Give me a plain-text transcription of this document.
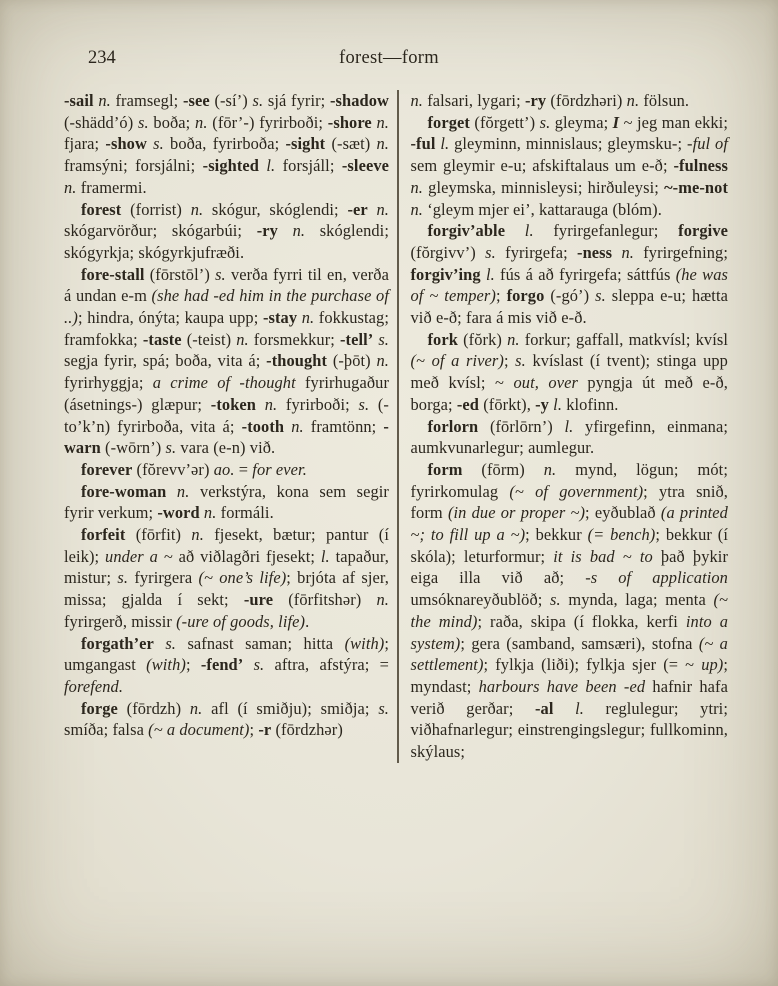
234	forest—form

-sail n. framsegl; -see (-sí’) s. sjá fyrir; -shadow (-shädd’ó) s. boða; n. (fōr’-) fyrirboði; -shore n. fjara; -show s. boða, fyrirboða; -sight (-sæt) n. framsýni; forsjálni; -sighted l. forsjáll; -sleeve n. framermi.

forest (forrist) n. skógur, skóglendi; -er n. skógarvörður; skógarbúi; -ry n. skóglendi; skógyrkja; skógyrkjufræði.

fore-stall (fōrstōl’) s. verða fyrri til en, verða á undan e-m (she had -ed him in the purchase of ..); hindra, ónýta; kaupa upp; -stay n. fokkustag; framfokka; -taste (-teist) n. forsmekkur; -tell’ s. segja fyrir, spá; boða, vita á; -thought (-þōt) n. fyrirhyggja; a crime of -thought fyrirhugaður (ásetnings-) glæpur; -token n. fyrirboði; s. (-to’k’n) fyrirboða, vita á; -tooth n. framtönn; -warn (-wōrn’) s. vara (e-n) við.

forever (fŏrevv’ər) ao. = for ever.

fore-woman n. verkstýra, kona sem segir fyrir verkum; -word n. formáli.

forfeit (fōrfit) n. fjesekt, bætur; pantur (í leik); under a ~ að viðlagðri fjesekt; l. tapaður, mistur; s. fyrirgera (~ one’s life); brjóta af sjer, missa; gjalda í sekt; -ure (fōrfitshər) n. fyrirgerð, missir (-ure of goods, life).

forgath’er s. safnast saman; hitta (with); umgangast (with); -fend’ s. aftra, afstýra; = forefend.

forge (fōrdzh) n. afl (í smiðju); smiðja; s. smíða; falsa (~ a document); -r (fōrdzhər)

n. falsari, lygari; -ry (fōrdzhəri) n. fölsun.

forget (fŏrgett’) s. gleyma; I ~ jeg man ekki; -ful l. gleyminn, minnislaus; gleymsku-; -ful of sem gleymir e-u; afskiftalaus um e-ð; -fulness n. gleymska, minnisleysi; hirðuleysi; ~-me-not n. ‘gleym mjer ei’, kattarauga (blóm).

forgiv’able l. fyrirgefanlegur; forgive (fŏrgivv’) s. fyrirgefa; -ness n. fyrirgefning; forgiv’ing l. fús á að fyrirgefa; sáttfús (he was of ~ temper); forgo (-gó’) s. sleppa e-u; hætta við e-ð; fara á mis við e-ð.

fork (fŏrk) n. forkur; gaffall, matkvísl; kvísl (~ of a river); s. kvíslast (í tvent); stinga upp með kvísl; ~ out, over pyngja út með e-ð, borga; -ed (fōrkt), -y l. klofinn.

forlorn (fōrlōrn’) l. yfirgefinn, einmana; aumkvunarlegur; aumlegur.

form (fōrm) n. mynd, lögun; mót; fyrirkomulag (~ of government); ytra snið, form (in due or proper ~); eyðublað (a printed ~; to fill up a ~); bekkur (= bench); bekkur (í skóla); leturformur; it is bad ~ to það þykir eiga illa við að; -s of application umsóknareyðublöð; s. mynda, laga; menta (~ the mind); raða, skipa (í flokka, kerfi into a system); gera (samband, samsæri), stofna (~ a settlement); fylkja (liði); fylkja sjer (= ~ up); myndast; harbours have been -ed hafnir hafa verið gerðar; -al l. reglulegur; ytri; viðhafnarlegur; einstrengingslegur; fullkominn, skýlaus;
